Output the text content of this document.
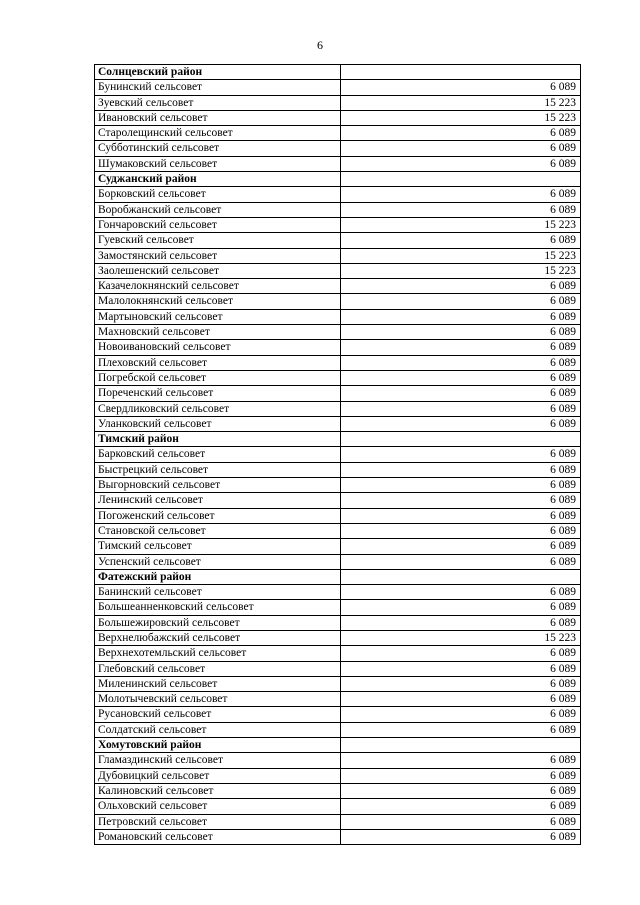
6
Солнцевский район	
Бунинский сельсовет	6 089
Зуевский сельсовет	15 223
Ивановский сельсовет	15 223
Старолещинский сельсовет	6 089
Субботинский сельсовет	6 089
Шумаковский сельсовет	6 089
Суджанский район	
Борковский сельсовет	6 089
Воробжанский сельсовет	6 089
Гончаровский сельсовет	15 223
Гуевский сельсовет	6 089
Замостянский сельсовет	15 223
Заолешенский сельсовет	15 223
Казачелокнянский сельсовет	6 089
Малолокнянский сельсовет	6 089
Мартыновский сельсовет	6 089
Махновский сельсовет	6 089
Новоивановский сельсовет	6 089
Плеховский сельсовет	6 089
Погребской сельсовет	6 089
Пореченский сельсовет	6 089
Свердликовский сельсовет	6 089
Уланковский сельсовет	6 089
Тимский район	
Барковский сельсовет	6 089
Быстрецкий сельсовет	6 089
Выгорновский сельсовет	6 089
Ленинский сельсовет	6 089
Погоженский сельсовет	6 089
Становской сельсовет	6 089
Тимский сельсовет	6 089
Успенский сельсовет	6 089
Фатежский район	
Банинский сельсовет	6 089
Большеанненковский сельсовет	6 089
Большежировский сельсовет	6 089
Верхнелюбажский сельсовет	15 223
Верхнехотемльский сельсовет	6 089
Глебовский сельсовет	6 089
Миленинский сельсовет	6 089
Молотычевский сельсовет	6 089
Русановский сельсовет	6 089
Солдатский сельсовет	6 089
Хомутовский район	
Гламаздинский сельсовет	6 089
Дубовицкий сельсовет	6 089
Калиновский сельсовет	6 089
Ольховский сельсовет	6 089
Петровский сельсовет	6 089
Романовский сельсовет	6 089
